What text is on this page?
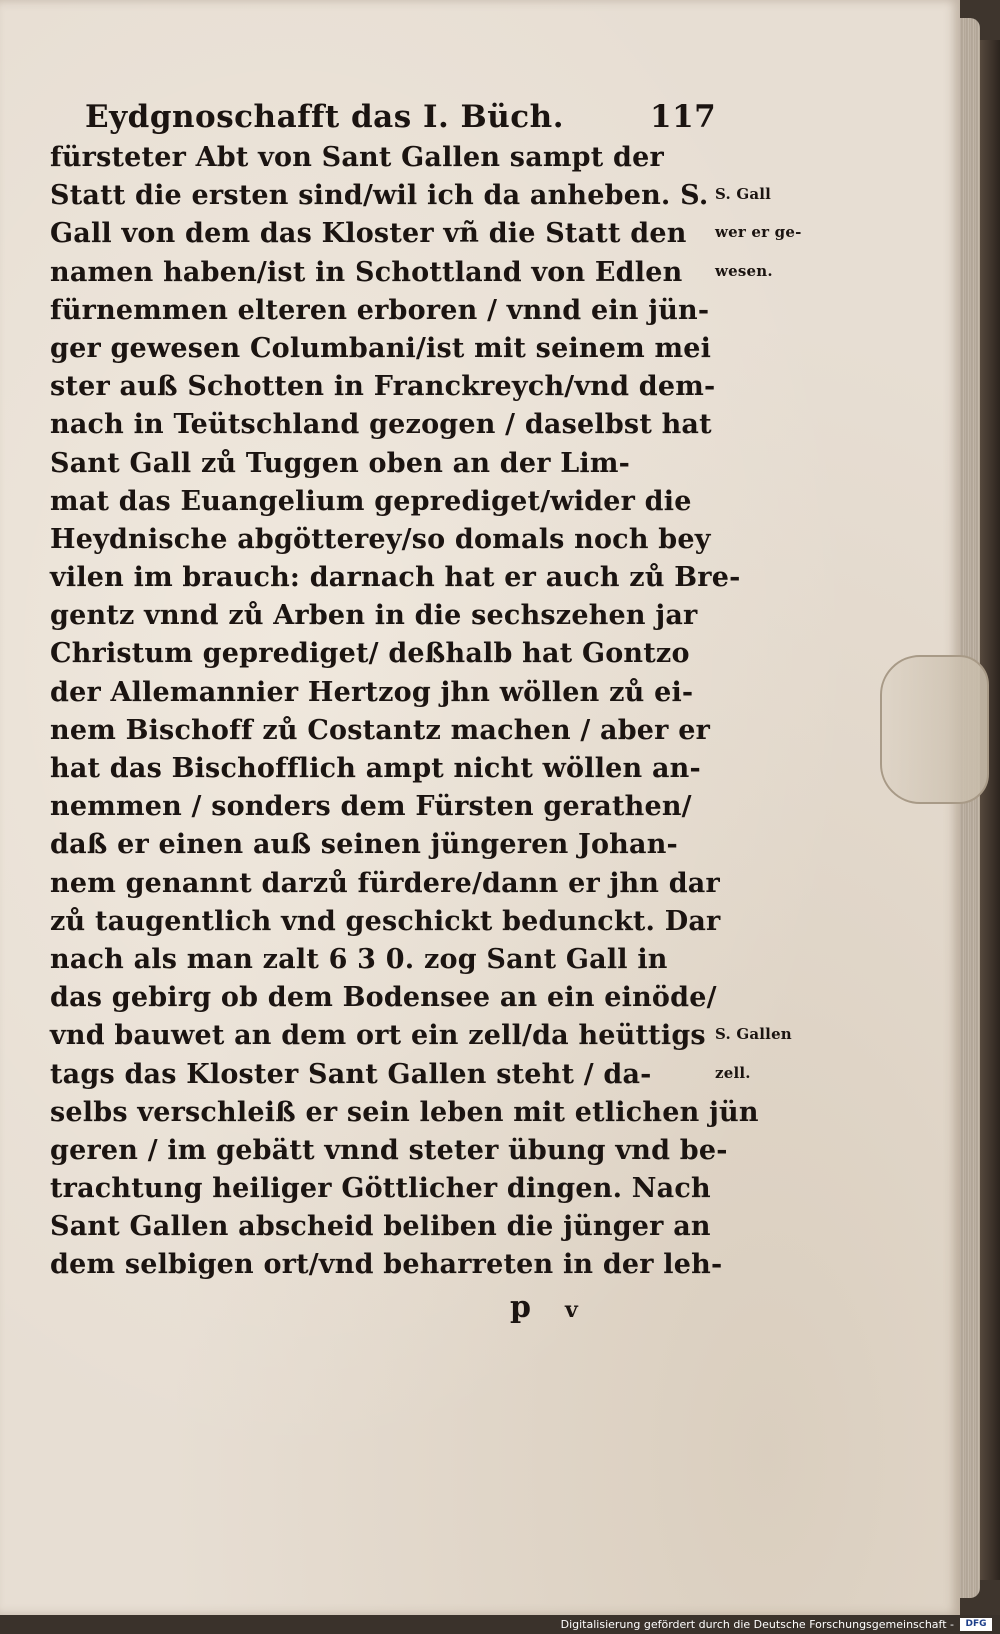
Eydgnoschafft das I. Büch.	117
fürsteter Abt von Sant Gallen sampt der
Statt die ersten sind/wil ich da anheben. S. S. Gall
Gall von dem das Kloster vñ die Statt den wer er ge-
namen haben/ist in Schottland von Edlen wesen.
fürnemmen elteren erboren / vnnd ein jün-
ger gewesen Columbani/ist mit seinem mei
ster auß Schotten in Franckreych/vnd dem-
nach in Teütschland gezogen / daselbst hat
Sant Gall zů Tuggen oben an der Lim-
mat das Euangelium geprediget/wider die
Heydnische abgötterey/so domals noch bey
vilen im brauch: darnach hat er auch zů Bre-
gentz vnnd zů Arben in die sechszehen jar
Christum geprediget/ deßhalb hat Gontzo
der Allemannier Hertzog jhn wöllen zů ei-
nem Bischoff zů Costantz machen / aber er
hat das Bischofflich ampt nicht wöllen an-
nemmen / sonders dem Fürsten gerathen/
daß er einen auß seinen jüngeren Johan-
nem genannt darzů fürdere/dann er jhn dar
zů taugentlich vnd geschickt bedunckt. Dar
nach als man zalt 6 3 0. zog Sant Gall in
das gebirg ob dem Bodensee an ein einöde/
vnd bauwet an dem ort ein zell/da heüttigs S. Gallen
tags das Kloster Sant Gallen steht / da-	zell.
selbs verschleiß er sein leben mit etlichen jün
geren / im gebätt vnnd steter übung vnd be-
trachtung heiliger Göttlicher dingen. Nach
Sant Gallen abscheid beliben die jünger an
dem selbigen ort/vnd beharreten in der leh-
p v
Digitalisierung gefördert durch die Deutsche Forschungsgemeinschaft -	DFG
